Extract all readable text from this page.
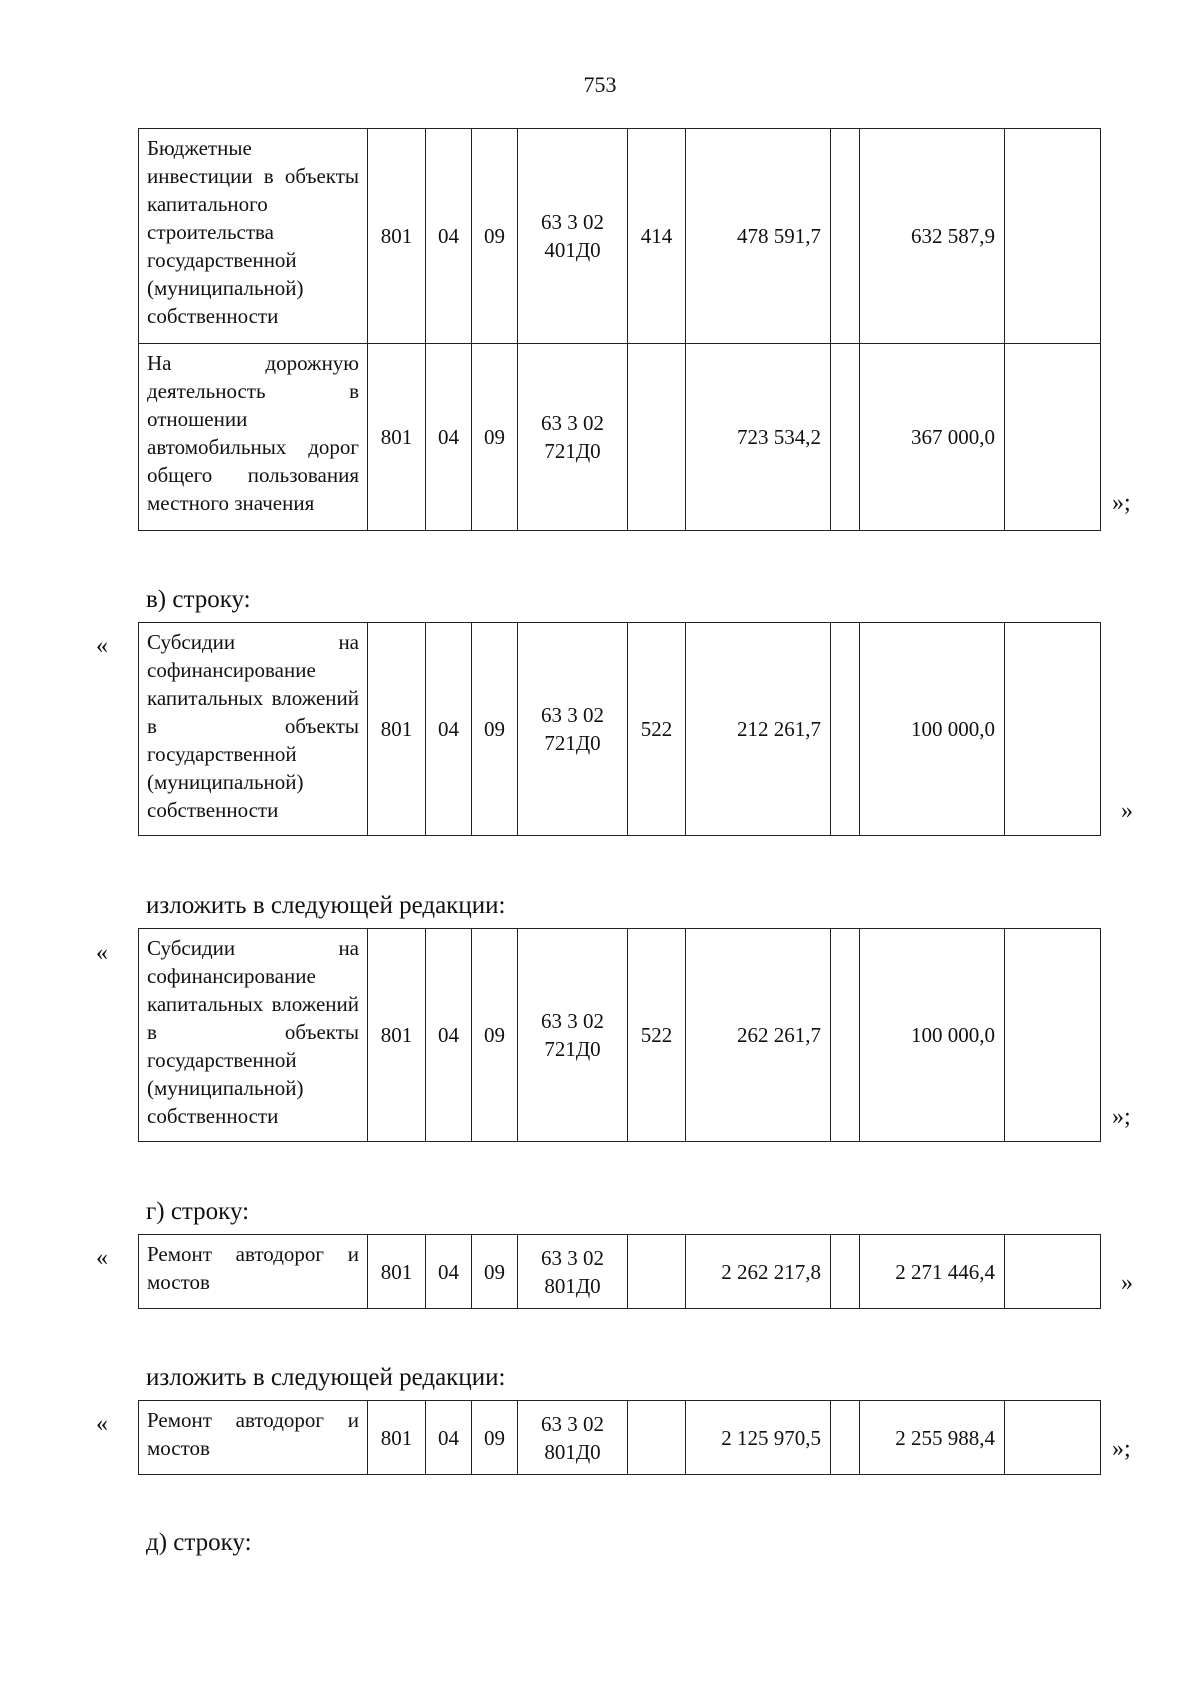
753
Бюджетные инвестиции в объекты капитального строительства государственной (муниципальной) собственности	801	04	09	63 3 02
401Д0	414	478 591,7		632 587,9	
На дорожную деятельность в отношении автомобильных дорог общего пользования местного значения	801	04	09	63 3 02
721Д0		723 534,2		367 000,0	
»;
в) строку:
« Субсидии на софинансирование капитальных вложений в объекты государственной (муниципальной) собственности	801	04	09	63 3 02
721Д0	522	212 261,7		100 000,0	
»
изложить в следующей редакции:
« Субсидии на софинансирование капитальных вложений в объекты государственной (муниципальной) собственности	801	04	09	63 3 02
721Д0	522	262 261,7		100 000,0	
»;
г) строку:
« Ремонт автодорог и мостов	801	04	09	63 3 02
801Д0		2 262 217,8		2 271 446,4		»
изложить в следующей редакции:
« Ремонт автодорог и мостов	801	04	09	63 3 02
801Д0		2 125 970,5		2 255 988,4		»;
д) строку:
